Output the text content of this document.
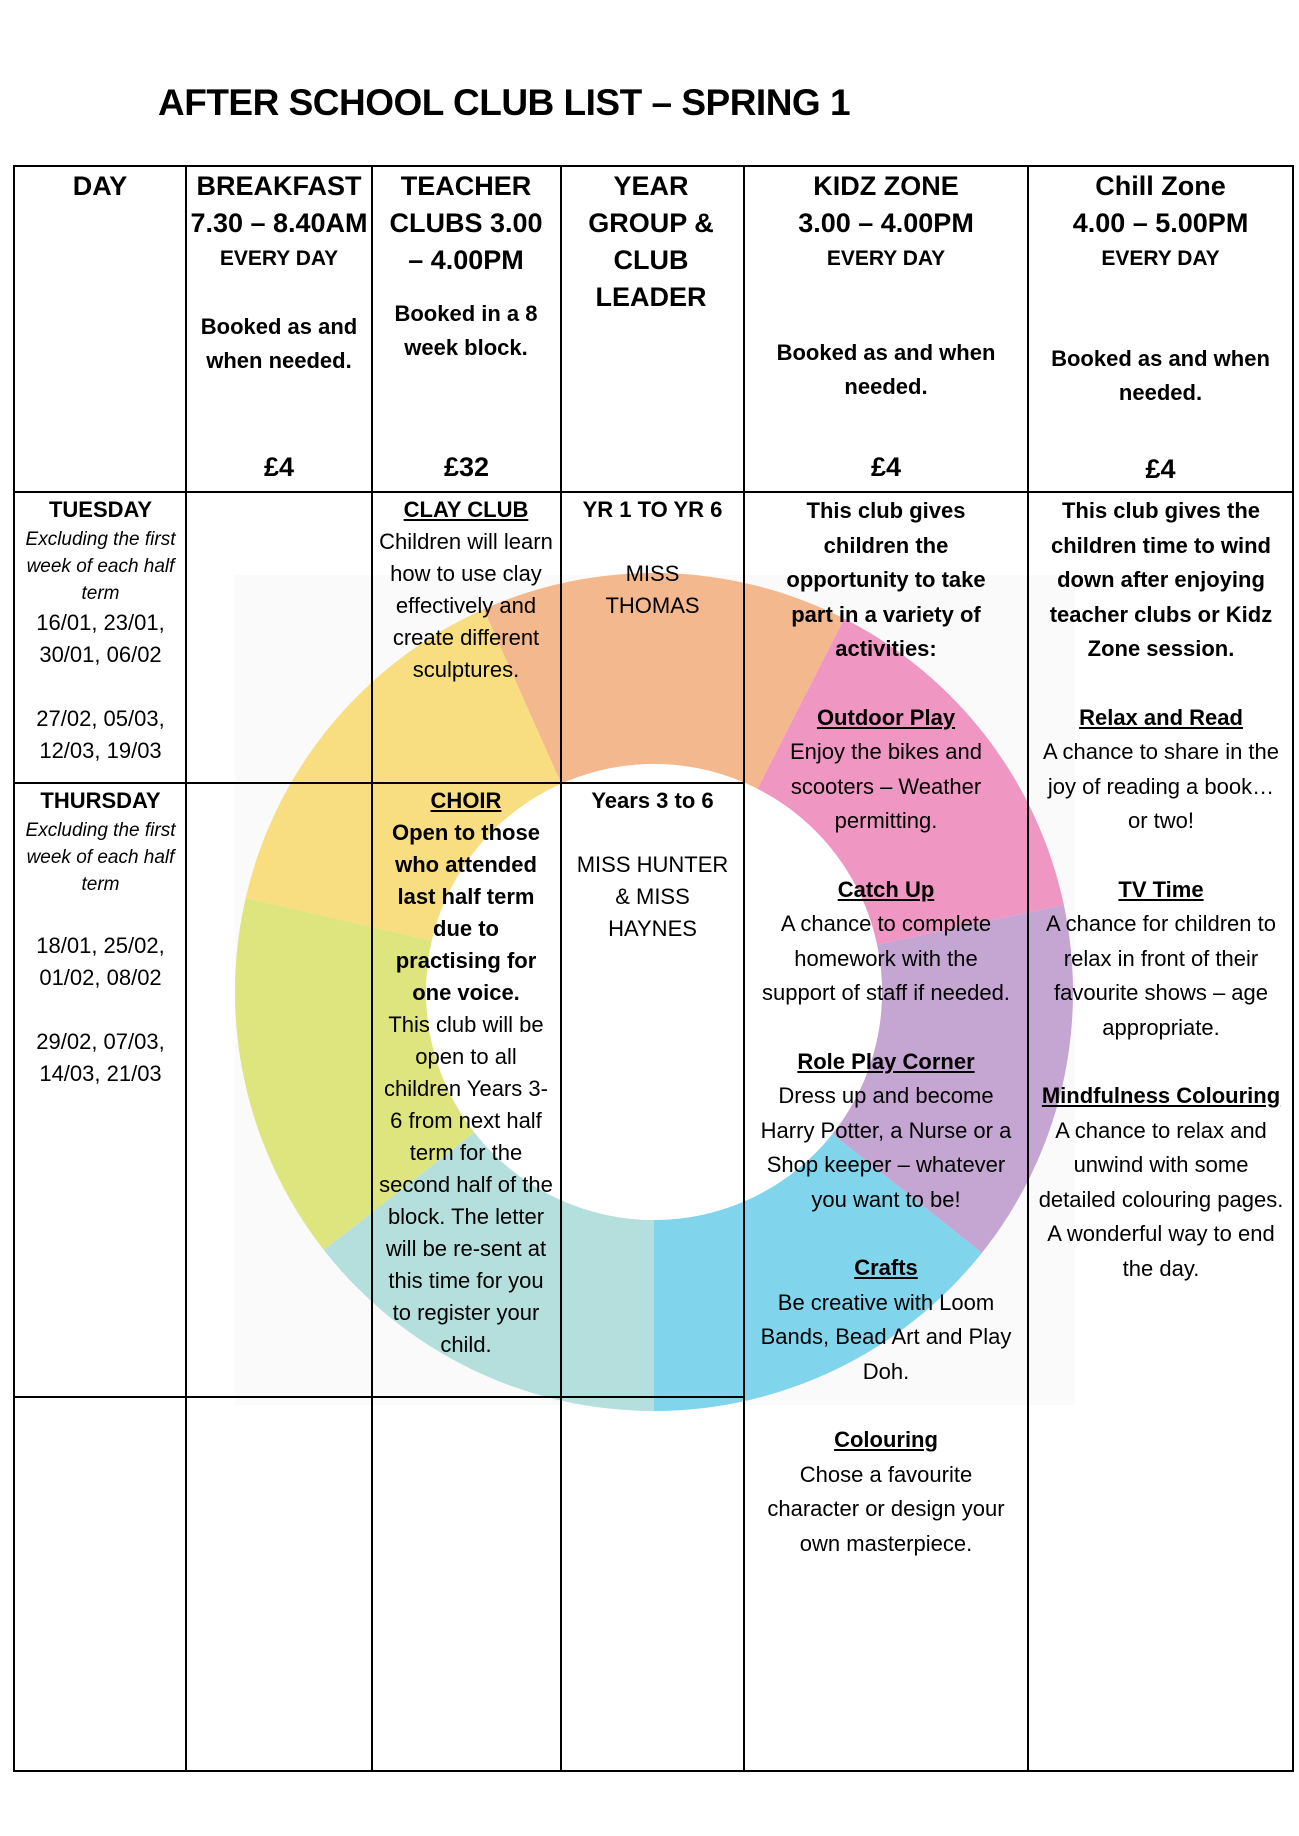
AFTER SCHOOL CLUB LIST – SPRING 1
DAY	BREAKFAST 7.30 – 8.40AM

EVERY DAY

Booked as and when needed.

£4

TEACHER CLUBS 3.00 – 4.00PM

Booked in a 8 week block.

£32
YEAR GROUP & CLUB LEADER

KIDZ ZONE

3.00 – 4.00PM

EVERY DAY

Booked as and when needed.

£4

Chill Zone

4.00 – 5.00PM

EVERY DAY

Booked as and when needed.

£4

TUESDAY

Excluding the first week of each half term

16/01, 23/01, 30/01, 06/02

27/02, 05/03, 12/03, 19/03

CLAY CLUB

Children will learn how to use clay effectively and create different sculptures.

YR 1 TO YR 6

MISS THOMAS

THURSDAY

Excluding the first week of each half term

18/01, 25/02, 01/02, 08/02

29/02, 07/03, 14/03, 21/03

CHOIR

Open to those who attended last half term due to practising for one voice.

This club will be open to all children Years 3-6 from next half term for the second half of the block. The letter will be re-sent at this time for you to register your child.

Years 3 to 6

MISS HUNTER & MISS HAYNES

This club gives children the opportunity to take part in a variety of activities:

Outdoor Play

Enjoy the bikes and scooters – Weather permitting.

Catch Up

A chance to complete homework with the support of staff if needed.

Role Play Corner

Dress up and become Harry Potter, a Nurse or a Shop keeper – whatever you want to be!

Crafts

Be creative with Loom Bands, Bead Art and Play Doh.

Colouring

Chose a favourite character or design your own masterpiece.

This club gives the children time to wind down after enjoying teacher clubs or Kidz Zone session.

Relax and Read

A chance to share in the joy of reading a book… or two!

TV Time

A chance for children to relax in front of their favourite shows – age appropriate.

Mindfulness Colouring

A chance to relax and unwind with some detailed colouring pages. A wonderful way to end the day.
